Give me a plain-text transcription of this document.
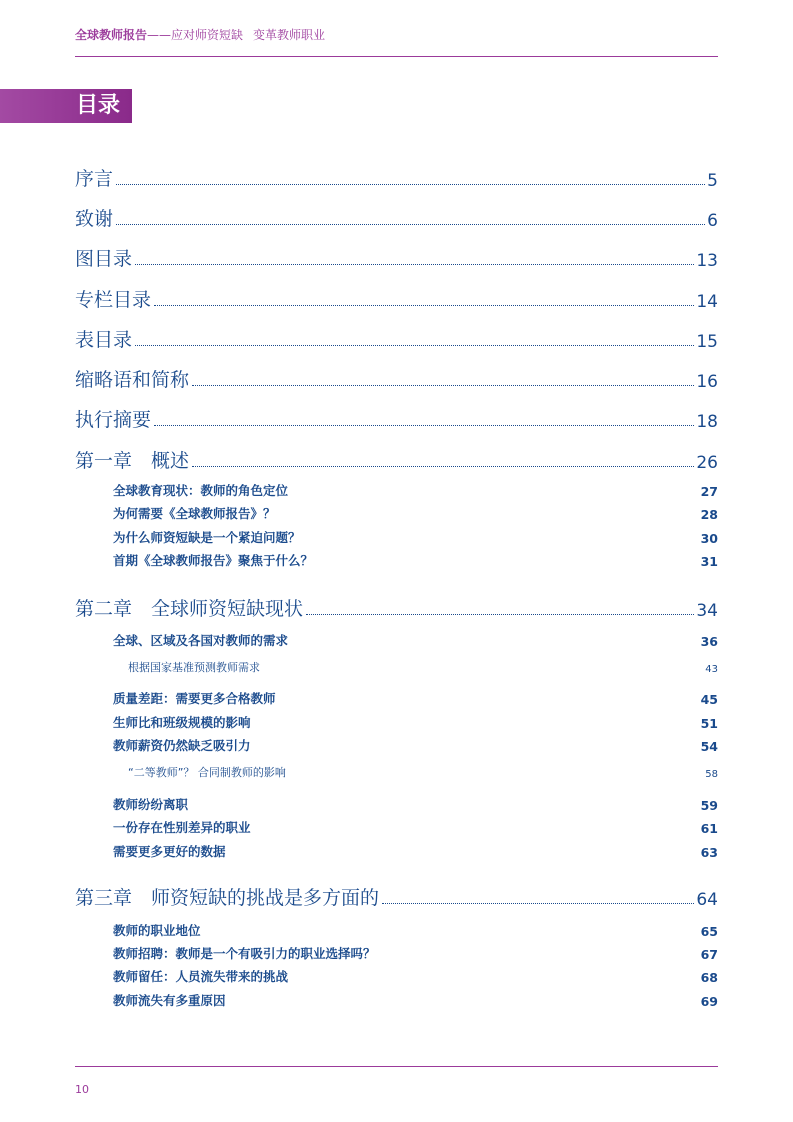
全球教师报告——应对师资短缺 变革教师职业
目录
序言	5
致谢	6
图目录	13
专栏目录	14
表目录	15
缩略语和简称	16
执行摘要	18
第一章　概述	26
全球教育现状：教师的角色定位	27
为何需要《全球教师报告》？	28
为什么师资短缺是一个紧迫问题？	30
首期《全球教师报告》聚焦于什么？	31
第二章　全球师资短缺现状	34
全球、区域及各国对教师的需求	36
根据国家基准预测教师需求	43
质量差距：需要更多合格教师	45
生师比和班级规模的影响	51
教师薪资仍然缺乏吸引力	54
“二等教师”？ 合同制教师的影响	58
教师纷纷离职	59
一份存在性别差异的职业	61
需要更多更好的数据	63
第三章　师资短缺的挑战是多方面的	64
教师的职业地位	65
教师招聘：教师是一个有吸引力的职业选择吗？	67
教师留任：人员流失带来的挑战	68
教师流失有多重原因	69
10
